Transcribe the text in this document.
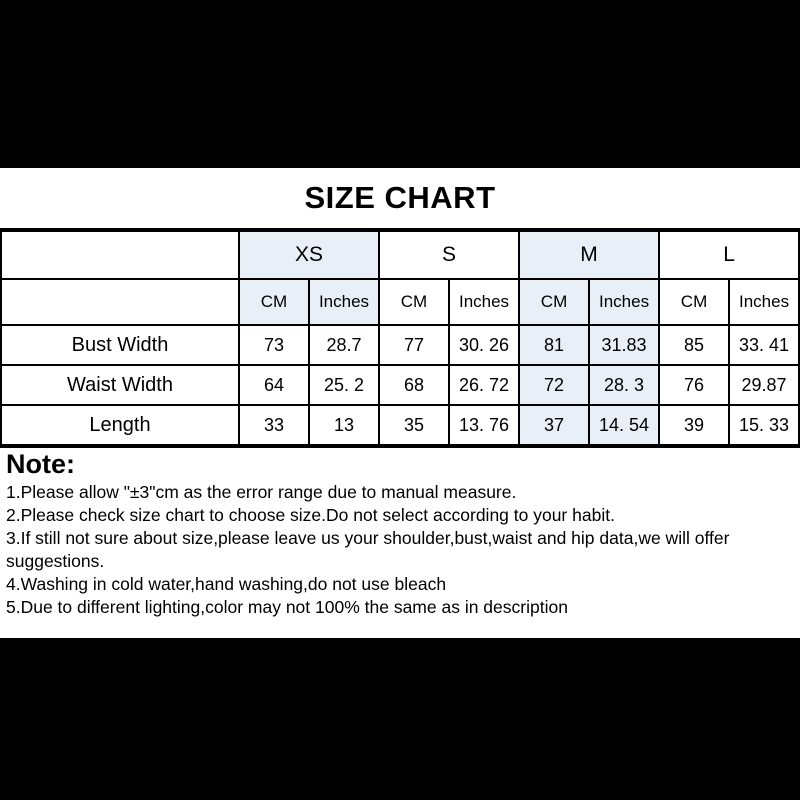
SIZE CHART
	XS		S		M		L	
	CM	Inches	CM	Inches	CM	Inches	CM	Inches
Bust Width	73	28.7	77	30. 26	81	31.83	85	33. 41
Waist Width	64	25. 2	68	26. 72	72	28. 3	76	29.87
Length	33	13	35	13. 76	37	14. 54	39	15. 33
Note:
1.Please allow "±3"cm as the error range due to manual measure.
2.Please check size chart to choose size.Do not select according to your habit.
3.If still not sure about size,please leave us your shoulder,bust,waist and hip data,we will offer suggestions.
4.Washing in cold water,hand washing,do not use bleach
5.Due to different lighting,color may not 100% the same as in description
